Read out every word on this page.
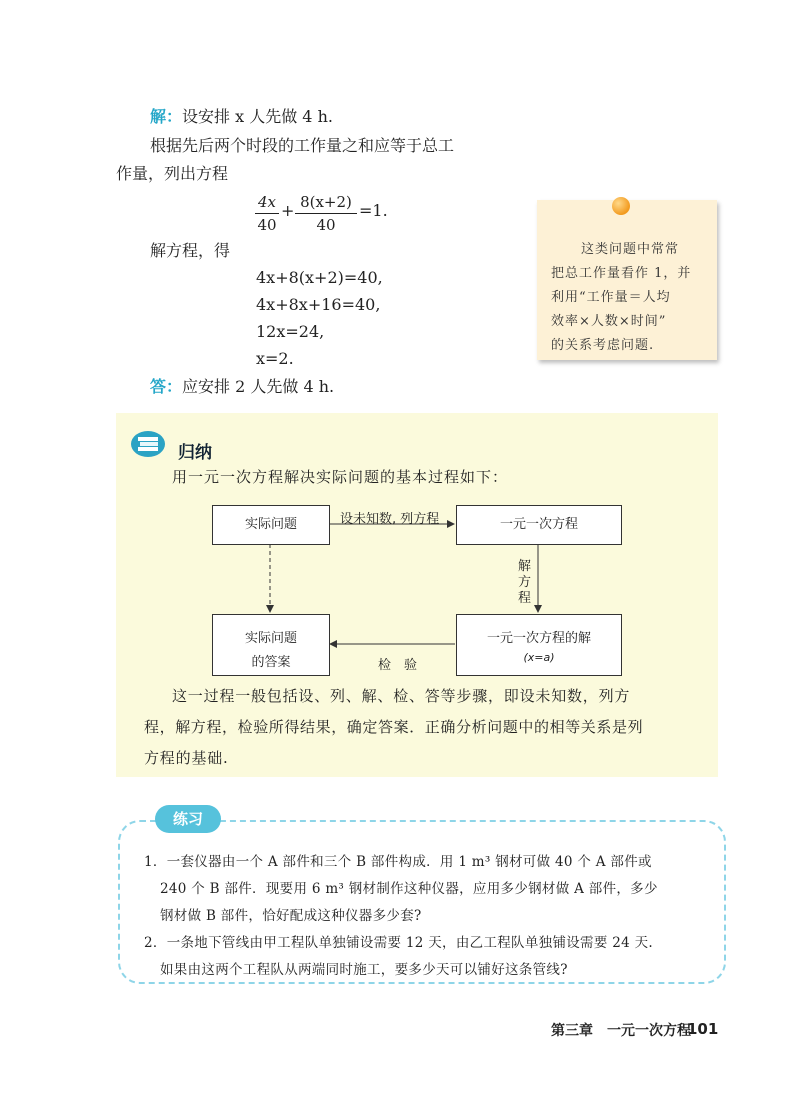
解：设安排 x 人先做 4 h.
根据先后两个时段的工作量之和应等于总工
作量，列出方程
4x
40
+ 8(x+2)
40
=1.
解方程，得
4x+8(x+2)=40,
4x+8x+16=40,
12x=24,
x=2.
答：应安排 2 人先做 4 h.
这类问题中常常
把总工作量看作 1，并
利用“工作量＝人均
效率×人数×时间”
的关系考虑问题.
归纳
用一元一次方程解决实际问题的基本过程如下：
实际问题	一元一次方程
实际问题
的答案
一元一次方程的解
(x=a)
设未知数, 列方程
解
方
程
检　验
这一过程一般包括设、列、解、检、答等步骤，即设未知数，列方
程，解方程，检验所得结果，确定答案．正确分析问题中的相等关系是列
方程的基础.
练习
1．一套仪器由一个 A 部件和三个 B 部件构成．用 1 m³ 钢材可做 40 个 A 部件或
240 个 B 部件．现要用 6 m³ 钢材制作这种仪器，应用多少钢材做 A 部件，多少
钢材做 B 部件，恰好配成这种仪器多少套?
2．一条地下管线由甲工程队单独铺设需要 12 天，由乙工程队单独铺设需要 24 天.
如果由这两个工程队从两端同时施工，要多少天可以铺好这条管线?
第三章　一元一次方程
101
